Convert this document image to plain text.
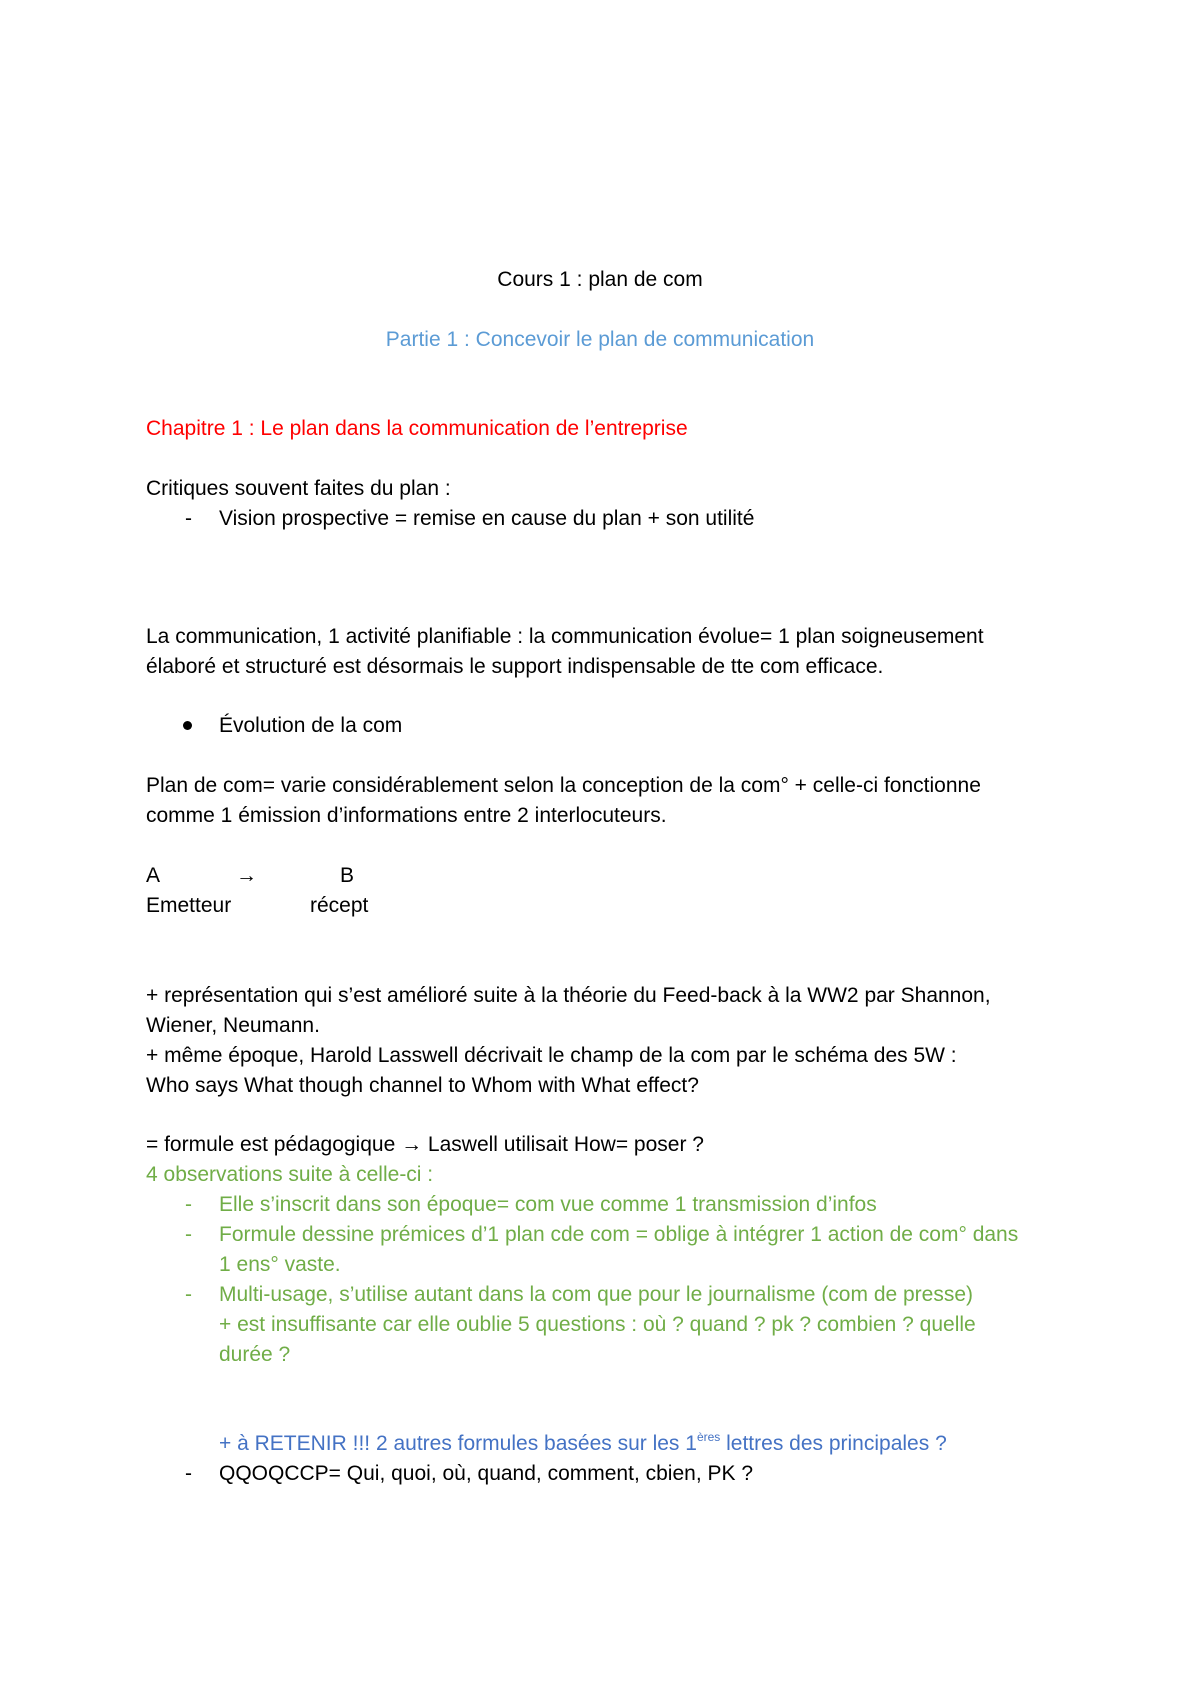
Cours 1 : plan de com
Partie 1 : Concevoir le plan de communication
Chapitre 1 : Le plan dans la communication de l’entreprise
Critiques souvent faites du plan :
- Vision prospective = remise en cause du plan + son utilité
La communication, 1 activité planifiable : la communication évolue= 1 plan soigneusement
élaboré et structuré est désormais le support indispensable de tte com efficace.
Évolution de la com
Plan de com= varie considérablement selon la conception de la com° + celle-ci fonctionne
comme 1 émission d’informations entre 2 interlocuteurs.
A	→	B
Emetteur	récept
+ représentation qui s’est amélioré suite à la théorie du Feed-back à la WW2 par Shannon,
Wiener, Neumann.
+ même époque, Harold Lasswell décrivait le champ de la com par le schéma des 5W :
Who says What though channel to Whom with What effect?
= formule est pédagogique → Laswell utilisait How= poser ?
4 observations suite à celle-ci :
- Elle s’inscrit dans son époque= com vue comme 1 transmission d’infos
- Formule dessine prémices d’1 plan cde com = oblige à intégrer 1 action de com° dans
1 ens° vaste.
- Multi-usage, s’utilise autant dans la com que pour le journalisme (com de presse)
+ est insuffisante car elle oublie 5 questions : où ? quand ? pk ? combien ? quelle
durée ?
+ à RETENIR !!! 2 autres formules basées sur les 1ères lettres des principales ?
- QQOQCCP= Qui, quoi, où, quand, comment, cbien, PK ?
